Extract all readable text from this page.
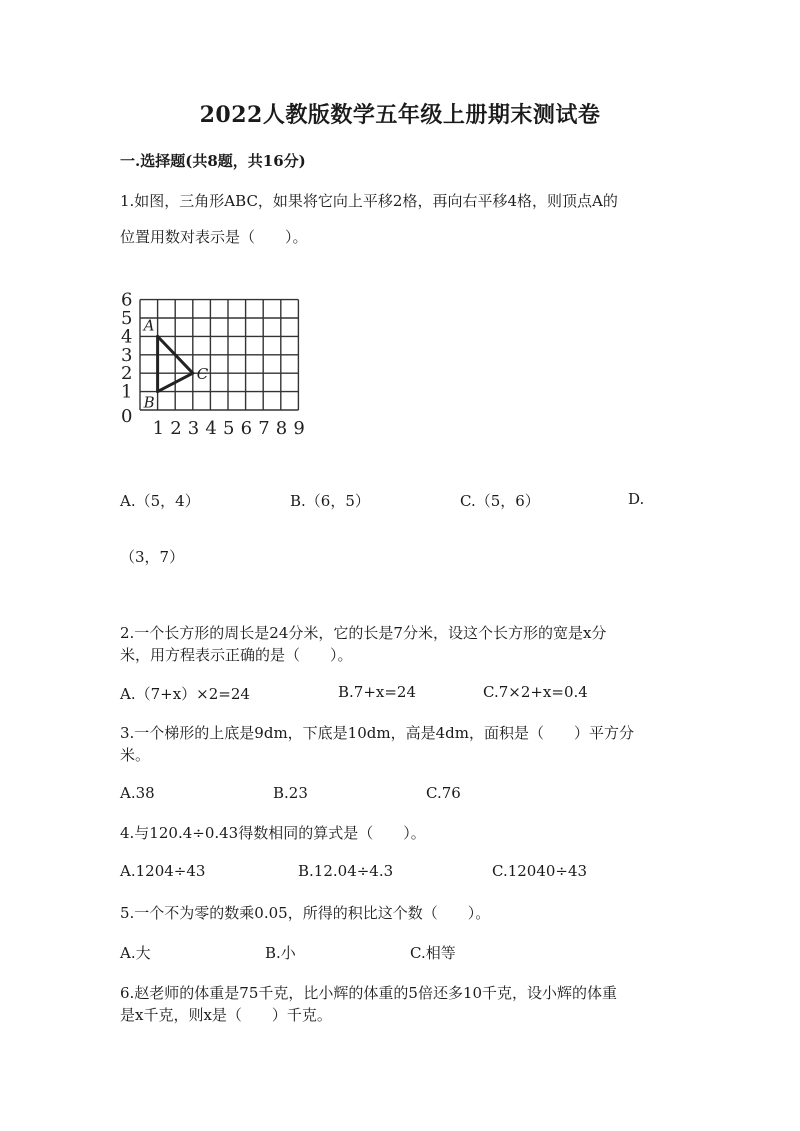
2022人教版数学五年级上册期末测试卷
一.选择题(共8题，共16分)
1.如图，三角形ABC，如果将它向上平移2格，再向右平移4格，则顶点A的
位置用数对表示是（　　）。
0
1
2
3
4
5
6
1 2 3 4 5 6 7 8 9
A
B
C
A.（5，4）	B.（6，5）	C.（5，6）	D.
（3，7）
2.一个长方形的周长是24分米，它的长是7分米，设这个长方形的宽是x分
米，用方程表示正确的是（　　）。
A.（7+x）×2=24	B.7+x=24	C.7×2+x=0.4
3.一个梯形的上底是9dm，下底是10dm，高是4dm，面积是（　　）平方分
米。
A.38	B.23	C.76
4.与120.4÷0.43得数相同的算式是（　　）。
A.1204÷43	B.12.04÷4.3	C.12040÷43
5.一个不为零的数乘0.05，所得的积比这个数（　　）。
A.大	B.小	C.相等
6.赵老师的体重是75千克，比小辉的体重的5倍还多10千克，设小辉的体重
是x千克，则x是（　　）千克。
